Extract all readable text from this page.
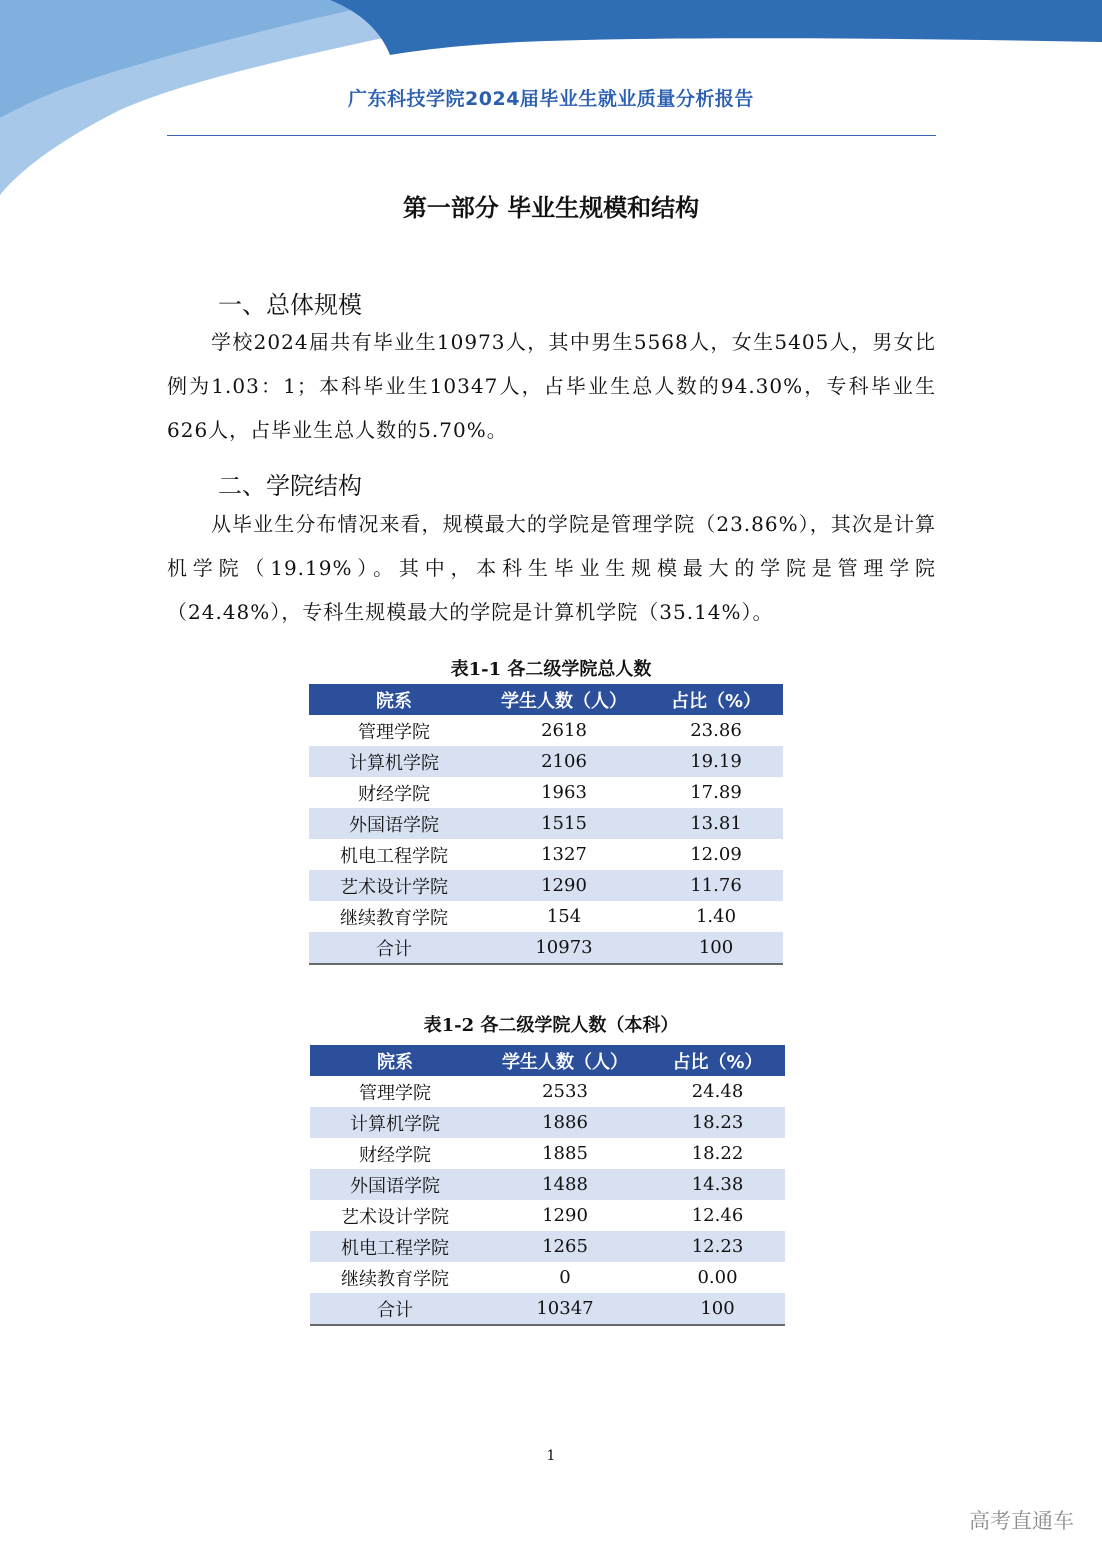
广东科技学院2024届毕业生就业质量分析报告
第一部分 毕业生规模和结构
一、总体规模

学校2024届共有毕业生10973人，其中男生5568人，女生5405人，男女比例为1.03：1；本科毕业生10347人，占毕业生总人数的94.30%，专科毕业生626人，占毕业生总人数的5.70%。

二、学院结构

从毕业生分布情况来看，规模最大的学院是管理学院（23.86%），其次是计算机学院（19.19%）。其中，本科生毕业生规模最大的学院是管理学院（24.48%），专科生规模最大的学院是计算机学院（35.14%）。

表1-1 各二级学院总人数
院系	学生人数（人）	占比（%）
管理学院	2618	23.86
计算机学院	2106	19.19
财经学院	1963	17.89
外国语学院	1515	13.81
机电工程学院	1327	12.09
艺术设计学院	1290	11.76
继续教育学院	154	1.40
合计	10973	100
表1-2 各二级学院人数（本科）
院系	学生人数（人）	占比（%）
管理学院	2533	24.48
计算机学院	1886	18.23
财经学院	1885	18.22
外国语学院	1488	14.38
艺术设计学院	1290	12.46
机电工程学院	1265	12.23
继续教育学院	0	0.00
合计	10347	100
1
高考直通车
